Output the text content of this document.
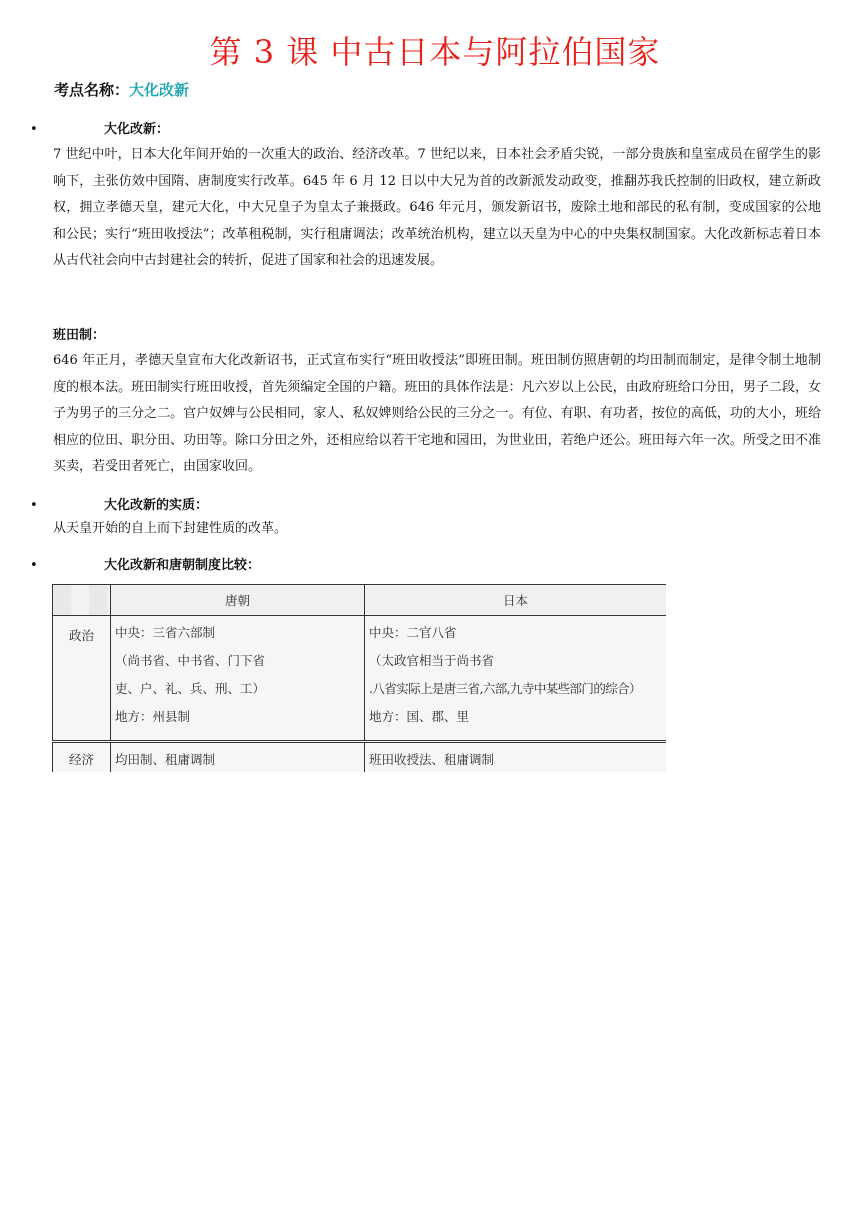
第 3 课 中古日本与阿拉伯国家
考点名称：大化改新
•	大化改新：

7 世纪中叶，日本大化年间开始的一次重大的政治、经济改革。7 世纪以来，日本社会矛盾尖锐，一部分贵族和皇室成员在留学生的影响下，主张仿效中国隋、唐制度实行改革。645 年 6 月 12 日以中大兄为首的改新派发动政变，推翻苏我氏控制的旧政权，建立新政权，拥立孝德天皇，建元大化，中大兄皇子为皇太子兼摄政。646 年元月，颁发新诏书，废除土地和部民的私有制，变成国家的公地和公民；实行“班田收授法”；改革租税制，实行租庸调法；改革统治机构，建立以天皇为中心的中央集权制国家。大化改新标志着日本从古代社会向中古封建社会的转折，促进了国家和社会的迅速发展。

班田制：

646 年正月，孝德天皇宣布大化改新诏书，正式宣布实行“班田收授法”即班田制。班田制仿照唐朝的均田制而制定，是律令制土地制度的根本法。班田制实行班田收授，首先须编定全国的户籍。班田的具体作法是：凡六岁以上公民，由政府班给口分田，男子二段，女子为男子的三分之二。官户奴婢与公民相同，家人、私奴婢则给公民的三分之一。有位、有职、有功者，按位的高低，功的大小，班给相应的位田、职分田、功田等。除口分田之外，还相应给以若干宅地和园田，为世业田，若绝户还公。班田每六年一次。所受之田不准买卖，若受田者死亡，由国家收回。

•	大化改新的实质：

从天皇开始的自上而下封建性质的改革。

•	大化改新和唐朝制度比较：
	唐朝	日本
政治	中央：三省六部制
（尚书省、中书省、门下省
吏、户、礼、兵、刑、工）
地方：州县制	中央：二官八省
（太政官相当于尚书省
.八省实际上是唐三省,六部,九寺中某些部门的综合）
地方：国、郡、里

经济	均田制、租庸调制	班田收授法、租庸调制
